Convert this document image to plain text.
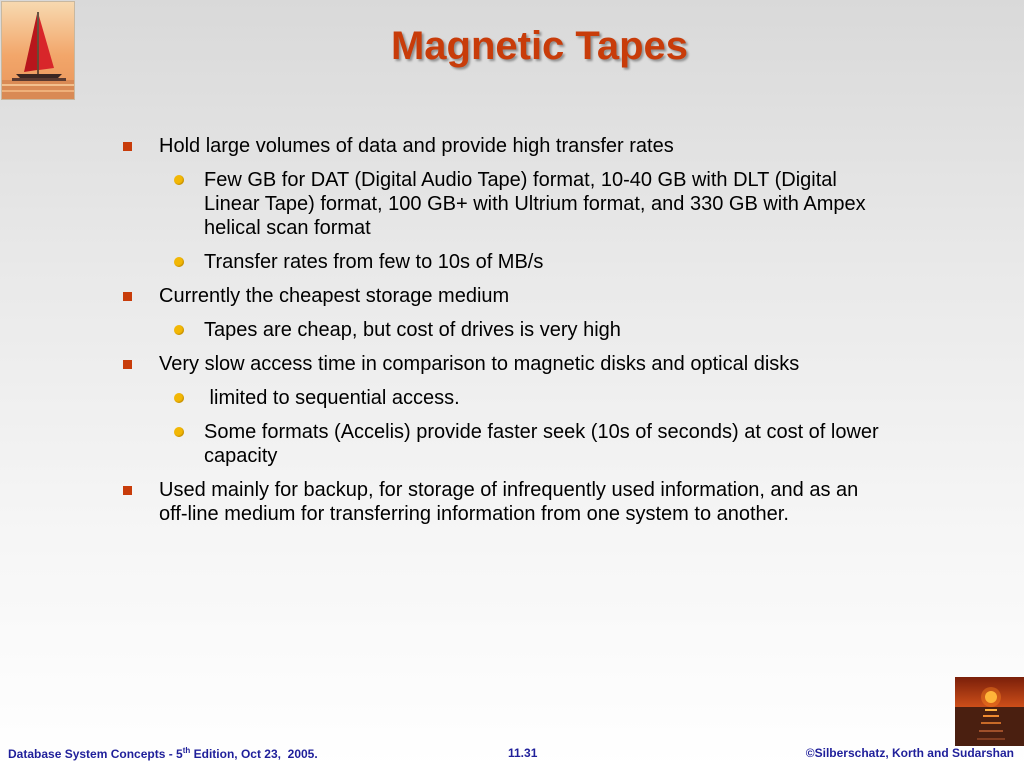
Magnetic Tapes
Hold large volumes of data and provide high transfer rates
Few GB for DAT (Digital Audio Tape) format, 10-40 GB with DLT (Digital Linear Tape) format, 100 GB+ with Ultrium format, and 330 GB with Ampex helical scan format
Transfer rates from few to 10s of MB/s
Currently the cheapest storage medium
Tapes are cheap, but cost of drives is very high
Very slow access time in comparison to magnetic disks and optical disks
limited to sequential access.
Some formats (Accelis) provide faster seek (10s of seconds) at cost of lower capacity
Used mainly for backup, for storage of infrequently used information, and as an off-line medium for transferring information from one system to another.
Database System Concepts - 5th Edition, Oct 23,  2005.	11.31	©Silberschatz, Korth and Sudarshan
